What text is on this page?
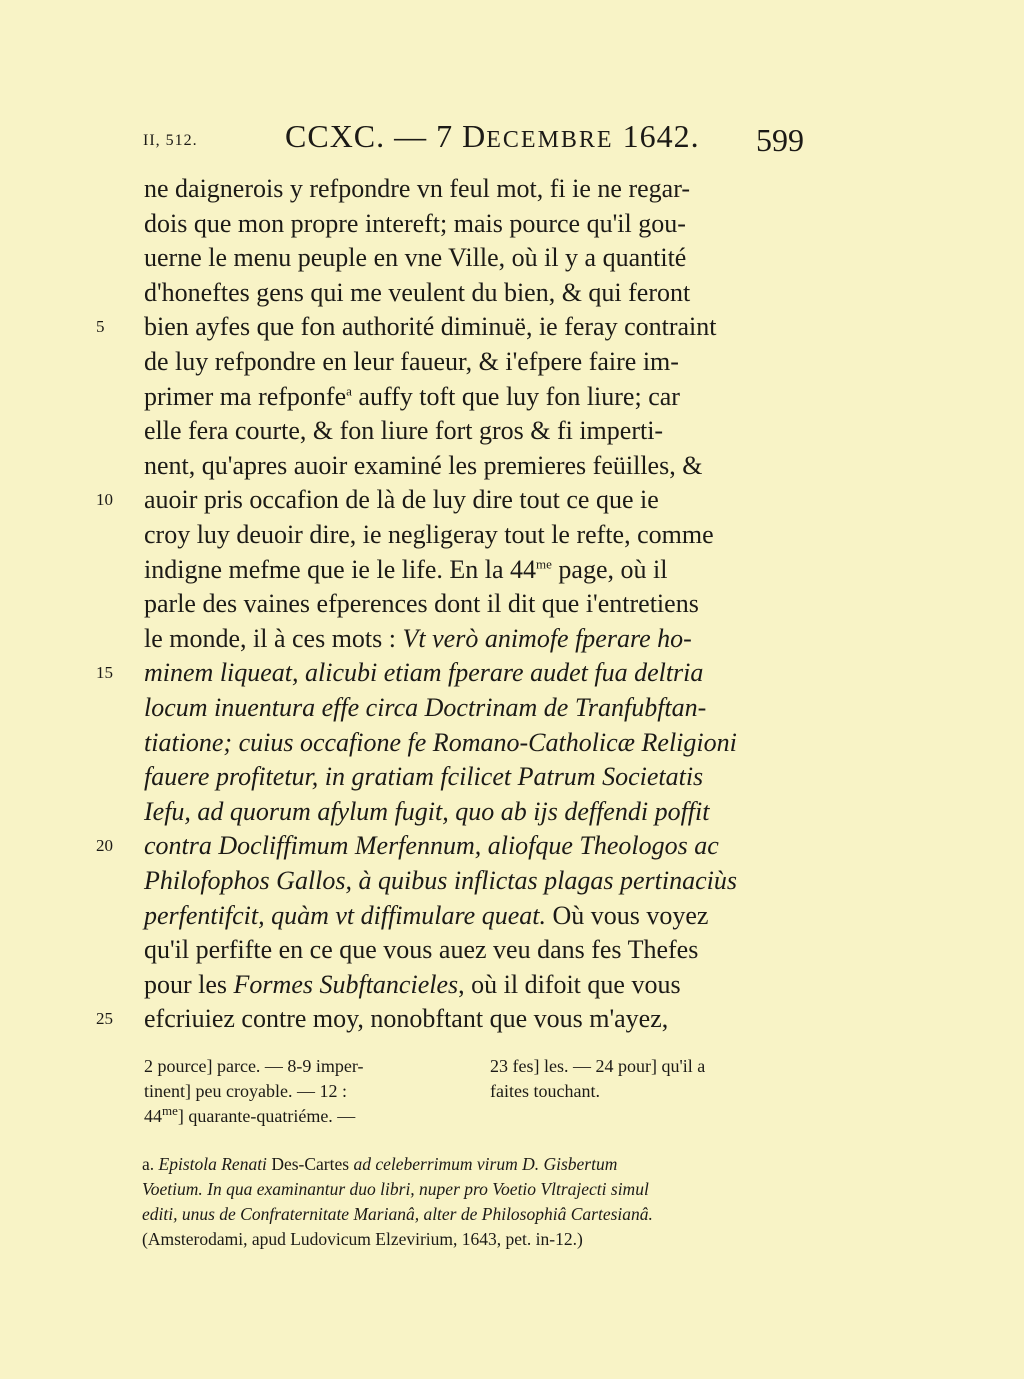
II, 512.	CCXC. — 7 DECEMBRE 1642. 599
ne daignerois y refpondre vn feul mot, fi ie ne regar-
dois que mon propre intereft; mais pource qu'il gou-
uerne le menu peuple en vne Ville, où il y a quantité
d'honeftes gens qui me veulent du bien, & qui feront
5	bien ayfes que fon authorité diminuë, ie feray contraint
de luy refpondre en leur faueur, & i'efpere faire im-
primer ma refponfe$^a$ auffy toft que luy fon liure; car
elle fera courte, & fon liure fort gros & fi imperti-
nent, qu'apres auoir examiné les premieres feüilles, &
10	auoir pris occafion de là de luy dire tout ce que ie
croy luy deuoir dire, ie negligeray tout le refte, comme
indigne mefme que ie le life. En la $44^{me}$ page, où il
parle des vaines efperences dont il dit que i'entretiens
le monde, il à ces mots : Vt verò animofe fperare ho-
15	minem liqueat, alicubi etiam fperare audet fua deltria
locum inuentura effe circa Doctrinam de Tranfubftan-
tiatione; cuius occafione fe Romano-Catholicæ Religioni
fauere profitetur, in gratiam fcilicet Patrum Societatis
Iefu, ad quorum afylum fugit, quo ab ijs deffendi poffit
20	contra Docliffimum Merfennum, aliofque Theologos ac
Philofophos Gallos, à quibus inflictas plagas pertinaciùs
perfentifcit, quàm vt diffimulare queat. Où vous voyez
qu'il perfifte en ce que vous auez veu dans fes Thefes
pour les Formes Subftancieles, où il difoit que vous
25	efcriuiez contre moy, nonobftant que vous m'ayez,
2 pource] parce. — 8-9 imper-
tinent] peu croyable. — 12 :
$44^{me}$] quarante-quatriéme. —
23 fes] les. — 24 pour] qu'il a
faites touchant.
a. Epistola Renati Des-Cartes ad celeberrimum virum D. Gisbertum
Voetium. In qua examinantur duo libri, nuper pro Voetio Vltrajecti simul
editi, unus de Confraternitate Marianâ, alter de Philosophiâ Cartesianâ.
(Amsterodami, apud Ludovicum Elzevirium, 1643, pet. in-12.)
